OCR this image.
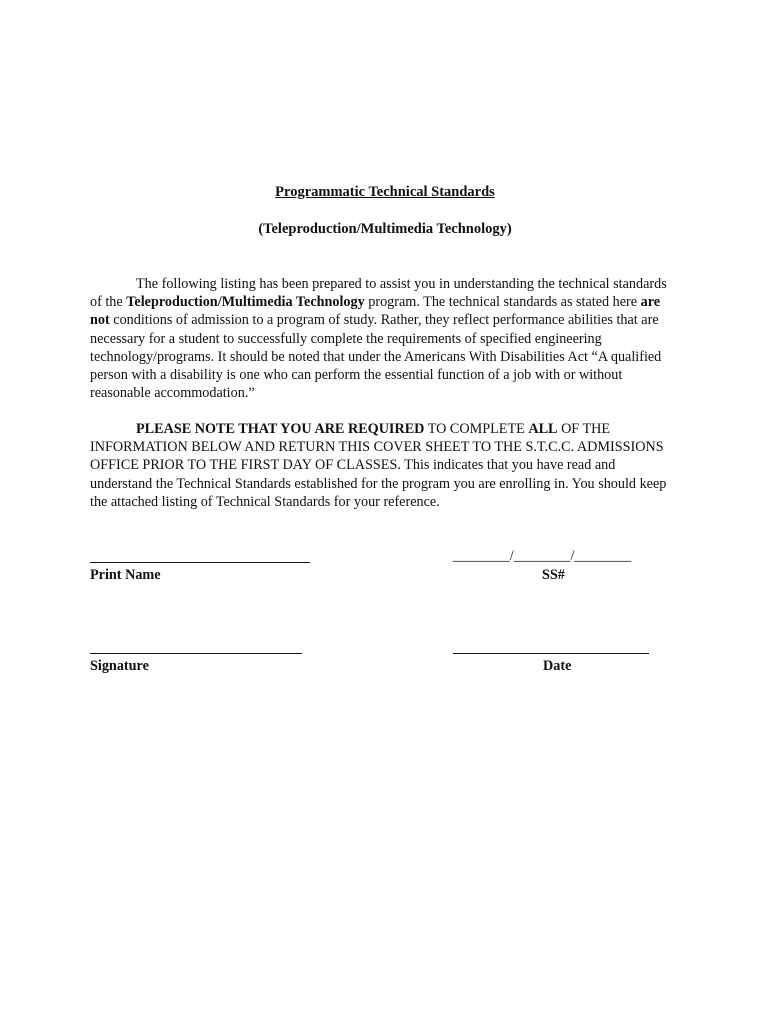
Programmatic Technical Standards

(Teleproduction/Multimedia Technology)

The following listing has been prepared to assist you in understanding the technical standards of the Teleproduction/Multimedia Technology program. The technical standards as stated here are not conditions of admission to a program of study. Rather, they reflect performance abilities that are necessary for a student to successfully complete the requirements of specified engineering technology/programs. It should be noted that under the Americans With Disabilities Act “A qualified person with a disability is one who can perform the essential function of a job with or without reasonable accommodation.”

PLEASE NOTE THAT YOU ARE REQUIRED TO COMPLETE ALL OF THE INFORMATION BELOW AND RETURN THIS COVER SHEET TO THE S.T.C.C. ADMISSIONS OFFICE PRIOR TO THE FIRST DAY OF CLASSES. This indicates that you have read and understand the Technical Standards established for the program you are enrolling in. You should keep the attached listing of Technical Standards for your reference.

Print Name

________/________/________

SS#

Signature	Date
